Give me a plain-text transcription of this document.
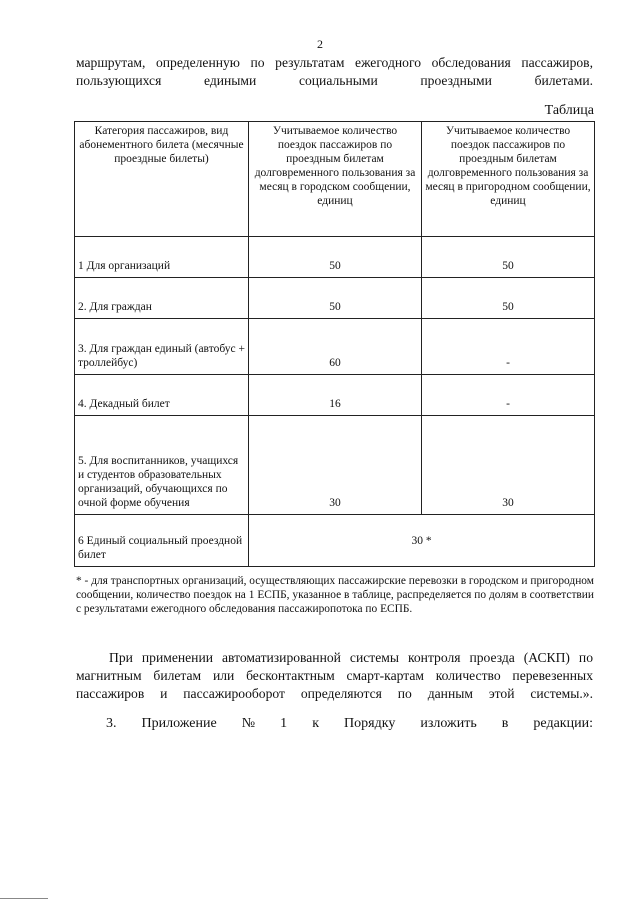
2
маршрутам, определенную по результатам ежегодного обследования пассажиров, пользующихся едиными социальными проездными билетами.
Таблица
Категория пассажиров, вид абонементного билета (месячные проездные билеты)	Учитываемое количество поездок пассажиров по проездным билетам долговременного пользования за месяц в городском сообщении, единиц	Учитываемое количество поездок пассажиров по проездным билетам долговременного пользования за месяц в пригородном сообщении, единиц
1 Для организаций	50	50
2. Для граждан	50	50
3. Для граждан единый (автобус + троллейбус)	60	-
4. Декадный билет	16	-
5. Для воспитанников, учащихся и студентов образовательных организаций, обучающихся по очной форме обучения	30	30
6 Единый социальный проездной билет	30 *	
* - для транспортных организаций, осуществляющих пассажирские перевозки в городском и пригородном сообщении, количество поездок на 1 ЕСПБ, указанное в таблице, распределяется по долям в соответствии с результатами ежегодного обследования пассажиропотока по ЕСПБ.
При применении автоматизированной системы контроля проезда (АСКП) по магнитным билетам или бесконтактным смарт-картам количество перевезенных пассажиров и пассажирооборот определяются по данным этой системы.».
3. Приложение № 1 к Порядку изложить в редакции:
